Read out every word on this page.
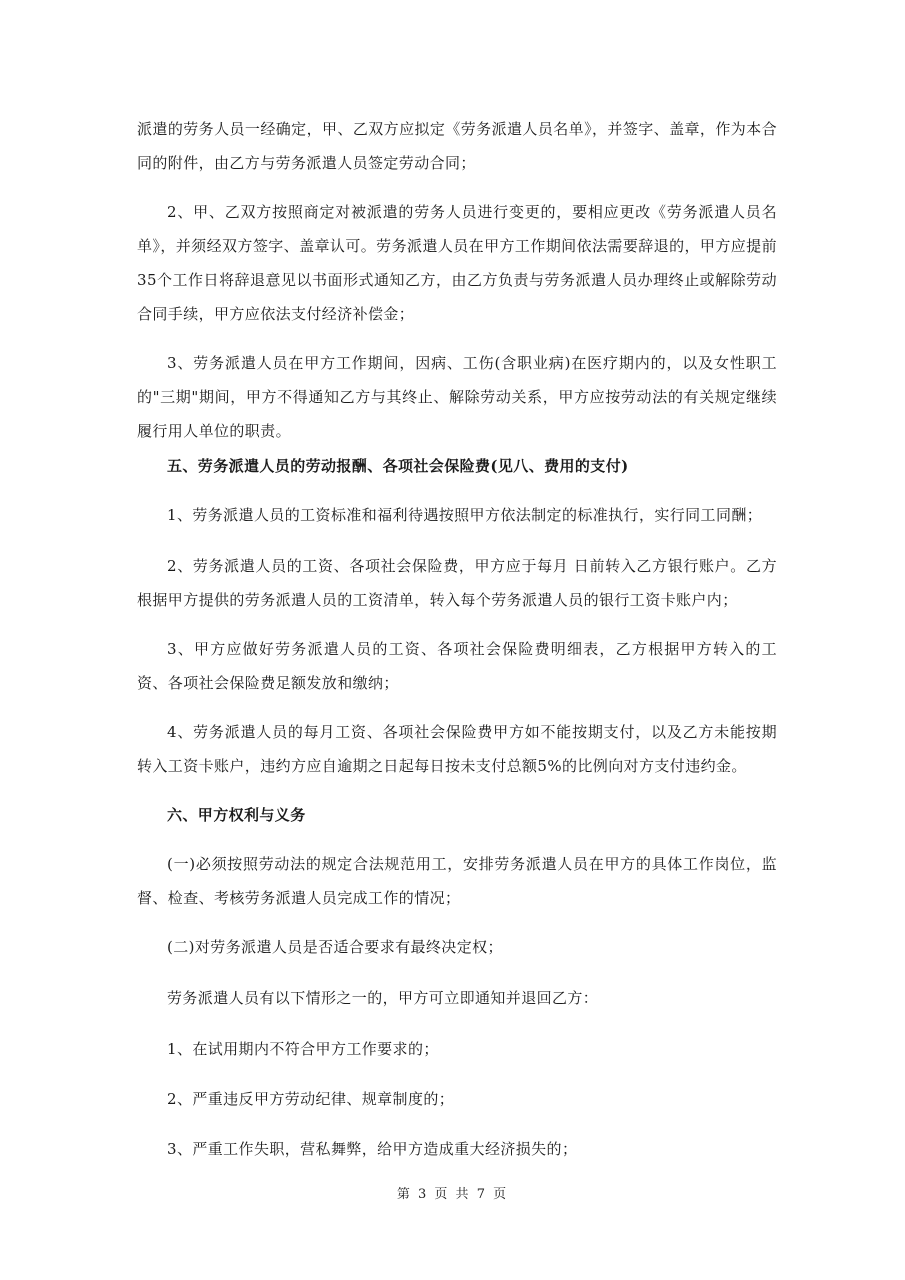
派遣的劳务人员一经确定，甲、乙双方应拟定《劳务派遣人员名单》，并签字、盖章，作为本合同的附件，由乙方与劳务派遣人员签定劳动合同；

2、甲、乙双方按照商定对被派遣的劳务人员进行变更的，要相应更改《劳务派遣人员名单》，并须经双方签字、盖章认可。劳务派遣人员在甲方工作期间依法需要辞退的，甲方应提前35个工作日将辞退意见以书面形式通知乙方，由乙方负责与劳务派遣人员办理终止或解除劳动合同手续，甲方应依法支付经济补偿金；

3、劳务派遣人员在甲方工作期间，因病、工伤(含职业病)在医疗期内的，以及女性职工的"三期"期间，甲方不得通知乙方与其终止、解除劳动关系，甲方应按劳动法的有关规定继续履行用人单位的职责。

五、劳务派遣人员的劳动报酬、各项社会保险费(见八、费用的支付)

1、劳务派遣人员的工资标准和福利待遇按照甲方依法制定的标准执行，实行同工同酬；

2、劳务派遣人员的工资、各项社会保险费，甲方应于每月 日前转入乙方银行账户。乙方根据甲方提供的劳务派遣人员的工资清单，转入每个劳务派遣人员的银行工资卡账户内；

3、甲方应做好劳务派遣人员的工资、各项社会保险费明细表，乙方根据甲方转入的工资、各项社会保险费足额发放和缴纳；

4、劳务派遣人员的每月工资、各项社会保险费甲方如不能按期支付，以及乙方未能按期转入工资卡账户，违约方应自逾期之日起每日按未支付总额5%的比例向对方支付违约金。

六、甲方权利与义务

(一)必须按照劳动法的规定合法规范用工，安排劳务派遣人员在甲方的具体工作岗位，监督、检查、考核劳务派遣人员完成工作的情况；

(二)对劳务派遣人员是否适合要求有最终决定权；

劳务派遣人员有以下情形之一的，甲方可立即通知并退回乙方：

1、在试用期内不符合甲方工作要求的；

2、严重违反甲方劳动纪律、规章制度的；

3、严重工作失职，营私舞弊，给甲方造成重大经济损失的；

第 3 页 共 7 页
